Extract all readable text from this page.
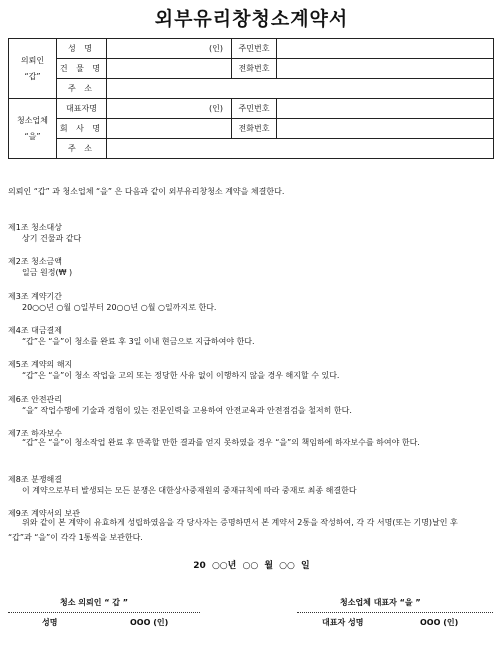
외부유리창청소계약서
의뢰인
“갑”	성 명	(인)	주민번호	
	건 물 명		전화번호	
	주 소			

청소업체
“을”	대표자명	(인)	주민번호	
	회 사 명		전화번호	
	주 소			
의뢰인 “갑” 과 청소업체 “을” 은 다음과 같이 외부유리창청소 계약을 체결한다.
제1조 청소대상
상기 건물과 같다
제2조 청소금액
일금 원정(₩ )
제3조 계약기간
20○○년 ○월 ○일부터 20○○년 ○월 ○일까지로 한다.
제4조 대금결제
“갑”은 “을”이 청소를 완료 후 3일 이내 현금으로 지급하여야 한다.
제5조 계약의 해지
“갑”은 “을”이 청소 작업을 고의 또는 정당한 사유 없이 이행하지 않을 경우 해지할 수 있다.
제6조 안전관리
“을” 작업수행에 기술과 경험이 있는 전문인력을 고용하여 안전교육과 안전점검을 철저히 한다.
제7조 하자보수
“갑”은 “을”이 청소작업 완료 후 만족할 만한 결과를 얻지 못하였을 경우 “을”의 책임하에 하자보수를 하여야 한다.
제8조 분쟁해결
이 계약으로부터 발생되는 모든 분쟁은 대한상사중재원의 중재규칙에 따라 중재로 최종 해결한다
제9조 계약서의 보관
위와 같이 본 계약이 유효하게 성립하였음을 각 당사자는 증명하면서 본 계약서 2통을 작성하여, 각 각 서명(또는 기명)날인 후 “갑”과 “을”이 각각 1통씩을 보관한다.
20 ○○년 ○○ 월 ○○ 일
청소 의뢰인 “ 갑 ”	청소업체 대표자 “을 ”
성명	OOO (인)	대표자 성명	OOO (인)
